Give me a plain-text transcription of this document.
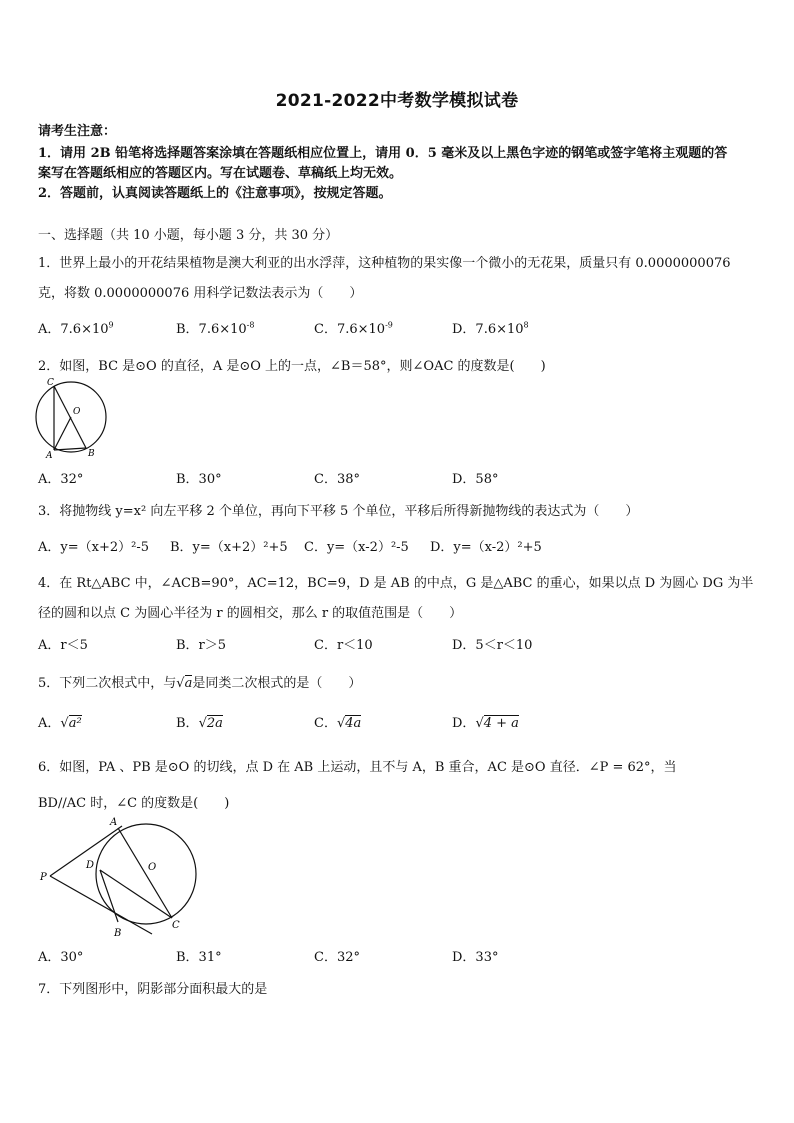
2021-2022中考数学模拟试卷
请考生注意：
1．请用 2B 铅笔将选择题答案涂填在答题纸相应位置上，请用 0．5 毫米及以上黑色字迹的钢笔或签字笔将主观题的答
案写在答题纸相应的答题区内。写在试题卷、草稿纸上均无效。
2．答题前，认真阅读答题纸上的《注意事项》，按规定答题。
一、选择题（共 10 小题，每小题 3 分，共 30 分）
1．世界上最小的开花结果植物是澳大利亚的出水浮萍，这种植物的果实像一个微小的无花果，质量只有 0.0000000076
克，将数 0.0000000076 用科学记数法表示为（　　）
A．$7.6\times 10^9$	B．$7.6\times 10^{-8}$	C．$7.6\times 10^{-9}$	D．$7.6\times 10^8$
2．如图，BC 是⊙O 的直径，A 是⊙O 上的一点，∠B＝58°，则∠OAC 的度数是(　　)
C
O
A	B
A．32°	B．30°	C．38°	D．58°
3．将抛物线 y=x² 向左平移 2 个单位，再向下平移 5 个单位，平移后所得新抛物线的表达式为（　　）
A．y=（x+2）²-5 B．y=（x+2）²+5 C．y=（x-2）²-5 D．y=（x-2）²+5
4．在 Rt△ABC 中，∠ACB=90°，AC=12，BC=9，D 是 AB 的中点，G 是△ABC 的重心，如果以点 D 为圆心 DG 为半
径的圆和以点 C 为圆心半径为 r 的圆相交，那么 r 的取值范围是（　　）
A．r＜5	B．r＞5	C．r＜10	D．5＜r＜10
5．下列二次根式中，与√a是同类二次根式的是（　　）
A．√a²	B．√2a	C．√4a	D．√4 + a
6．如图，PA 、PB 是⊙O 的切线，点 D 在 AB 上运动，且不与 A，B 重合，AC 是⊙O 直径．∠P = 62°，当
BD//AC 时，∠C 的度数是(　　)
A
P
D	O
B
C
A．30°	B．31°	C．32°	D．33°
7．下列图形中，阴影部分面积最大的是
